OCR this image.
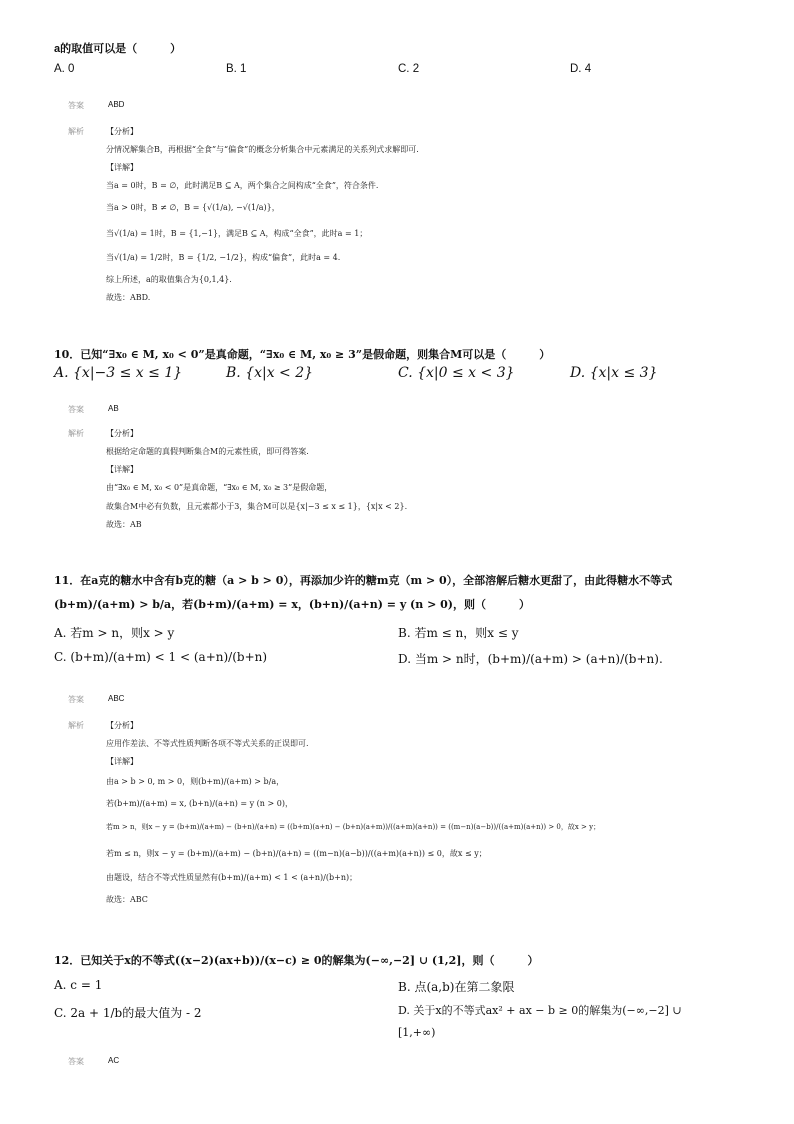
a的取值可以是（　　　）
A. 0	B. 1	C. 2	D. 4
答案	ABD
解析	【分析】
分情况解集合B，再根据“全食”与“偏食”的概念分析集合中元素满足的关系列式求解即可.
【详解】
当a = 0时，B = ∅，此时满足B ⊆ A，两个集合之间构成“全食”，符合条件.
当a > 0时，B ≠ ∅，B = {√(1/a), −√(1/a)}，
当√(1/a) = 1时，B = {1,−1}，满足B ⊆ A，构成“全食”，此时a = 1；
当√(1/a) = 1/2时，B = {1/2, −1/2}，构成“偏食”，此时a = 4.
综上所述，a的取值集合为{0,1,4}.
故选：ABD.
10．已知“∃x₀ ∈ M, x₀ < 0”是真命题，“∃x₀ ∈ M, x₀ ≥ 3”是假命题，则集合M可以是（　　　）
A. {x|−3 ≤ x ≤ 1}	B. {x|x < 2}	C. {x|0 ≤ x < 3}	D. {x|x ≤ 3}
答案	AB
解析	【分析】
根据给定命题的真假判断集合M的元素性质，即可得答案.
【详解】
由“∃x₀ ∈ M, x₀ < 0”是真命题，“∃x₀ ∈ M, x₀ ≥ 3”是假命题，
故集合M中必有负数，且元素都小于3，集合M可以是{x|−3 ≤ x ≤ 1}，{x|x < 2}.
故选：AB
11．在a克的糖水中含有b克的糖（a > b > 0），再添加少许的糖m克（m > 0），全部溶解后糖水更甜了，由此得糖水不等式
(b+m)/(a+m) > b/a，若(b+m)/(a+m) = x，(b+n)/(a+n) = y (n > 0)，则（　　　）
A. 若m > n，则x > y	B. 若m ≤ n，则x ≤ y
C. (b+m)/(a+m) < 1 < (a+n)/(b+n)	D. 当m > n时，(b+m)/(a+m) > (a+n)/(b+n).
答案	ABC
解析	【分析】
应用作差法、不等式性质判断各项不等式关系的正误即可.
【详解】
由a > b > 0, m > 0，则(b+m)/(a+m) > b/a，
若(b+m)/(a+m) = x, (b+n)/(a+n) = y (n > 0)，
若m > n，则x − y = (b+m)/(a+m) − (b+n)/(a+n) = ((b+m)(a+n) − (b+n)(a+m))/((a+m)(a+n)) = ((m−n)(a−b))/((a+m)(a+n)) > 0，故x > y；
若m ≤ n，则x − y = (b+m)/(a+m) − (b+n)/(a+n) = ((m−n)(a−b))/((a+m)(a+n)) ≤ 0，故x ≤ y；
由题设，结合不等式性质显然有(b+m)/(a+m) < 1 < (a+n)/(b+n)；
故选：ABC
12．已知关于x的不等式((x−2)(ax+b))/(x−c) ≥ 0的解集为(−∞,−2] ∪ (1,2]，则（　　　）
A. c = 1	B. 点(a,b)在第二象限
C. 2a + 1/b的最大值为 - 2	D. 关于x的不等式ax² + ax − b ≥ 0的解集为(−∞,−2] ∪ [1,+∞)
答案	AC
